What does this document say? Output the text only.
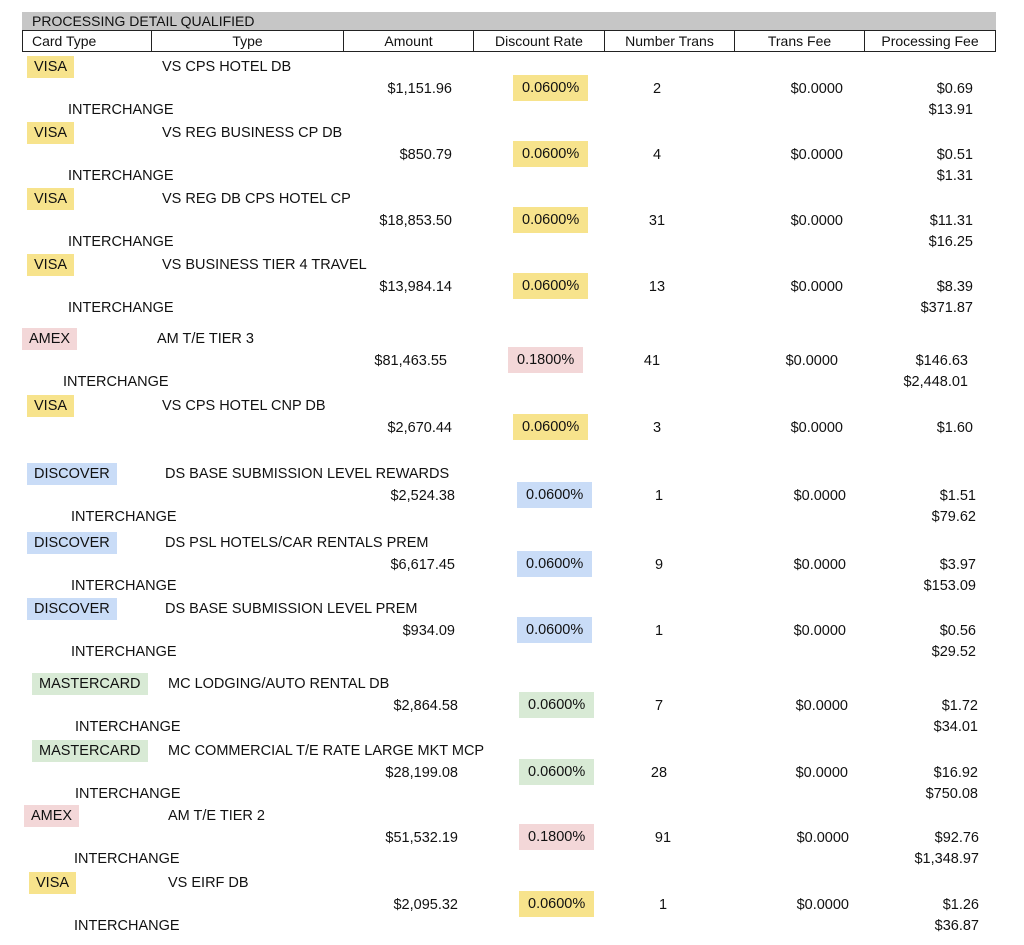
PROCESSING DETAIL QUALIFIED
Card Type	Type	Amount	Discount Rate	Number Trans	Trans Fee	Processing Fee
VISA	VS CPS HOTEL DB
$1,151.96	0.0600%	2	$0.0000	$0.69
INTERCHANGE	$13.91
VISA	VS REG BUSINESS CP DB
$850.79	0.0600%	4	$0.0000	$0.51
INTERCHANGE	$1.31
VISA	VS REG DB CPS HOTEL CP
$18,853.50	0.0600%	31	$0.0000	$11.31
INTERCHANGE	$16.25
VISA	VS BUSINESS TIER 4 TRAVEL
$13,984.14	0.0600%	13	$0.0000	$8.39
INTERCHANGE	$371.87
AMEX	AM T/E TIER 3
$81,463.55	0.1800%	41	$0.0000	$146.63
INTERCHANGE	$2,448.01
VISA	VS CPS HOTEL CNP DB
$2,670.44	0.0600%	3	$0.0000	$1.60
DISCOVER	DS BASE SUBMISSION LEVEL REWARDS
$2,524.38	0.0600%	1	$0.0000	$1.51
INTERCHANGE	$79.62
DISCOVER	DS PSL HOTELS/CAR RENTALS PREM
$6,617.45	0.0600%	9	$0.0000	$3.97
INTERCHANGE	$153.09
DISCOVER	DS BASE SUBMISSION LEVEL PREM
$934.09	0.0600%	1	$0.0000	$0.56
INTERCHANGE	$29.52
MASTERCARD	MC LODGING/AUTO RENTAL DB
$2,864.58	0.0600%	7	$0.0000	$1.72
INTERCHANGE	$34.01
MASTERCARD	MC COMMERCIAL T/E RATE LARGE MKT MCP
$28,199.08	0.0600%	28	$0.0000	$16.92
INTERCHANGE	$750.08
AMEX	AM T/E TIER 2
$51,532.19	0.1800%	91	$0.0000	$92.76
INTERCHANGE	$1,348.97
VISA	VS EIRF DB
$2,095.32	0.0600%	1	$0.0000	$1.26
INTERCHANGE	$36.87
